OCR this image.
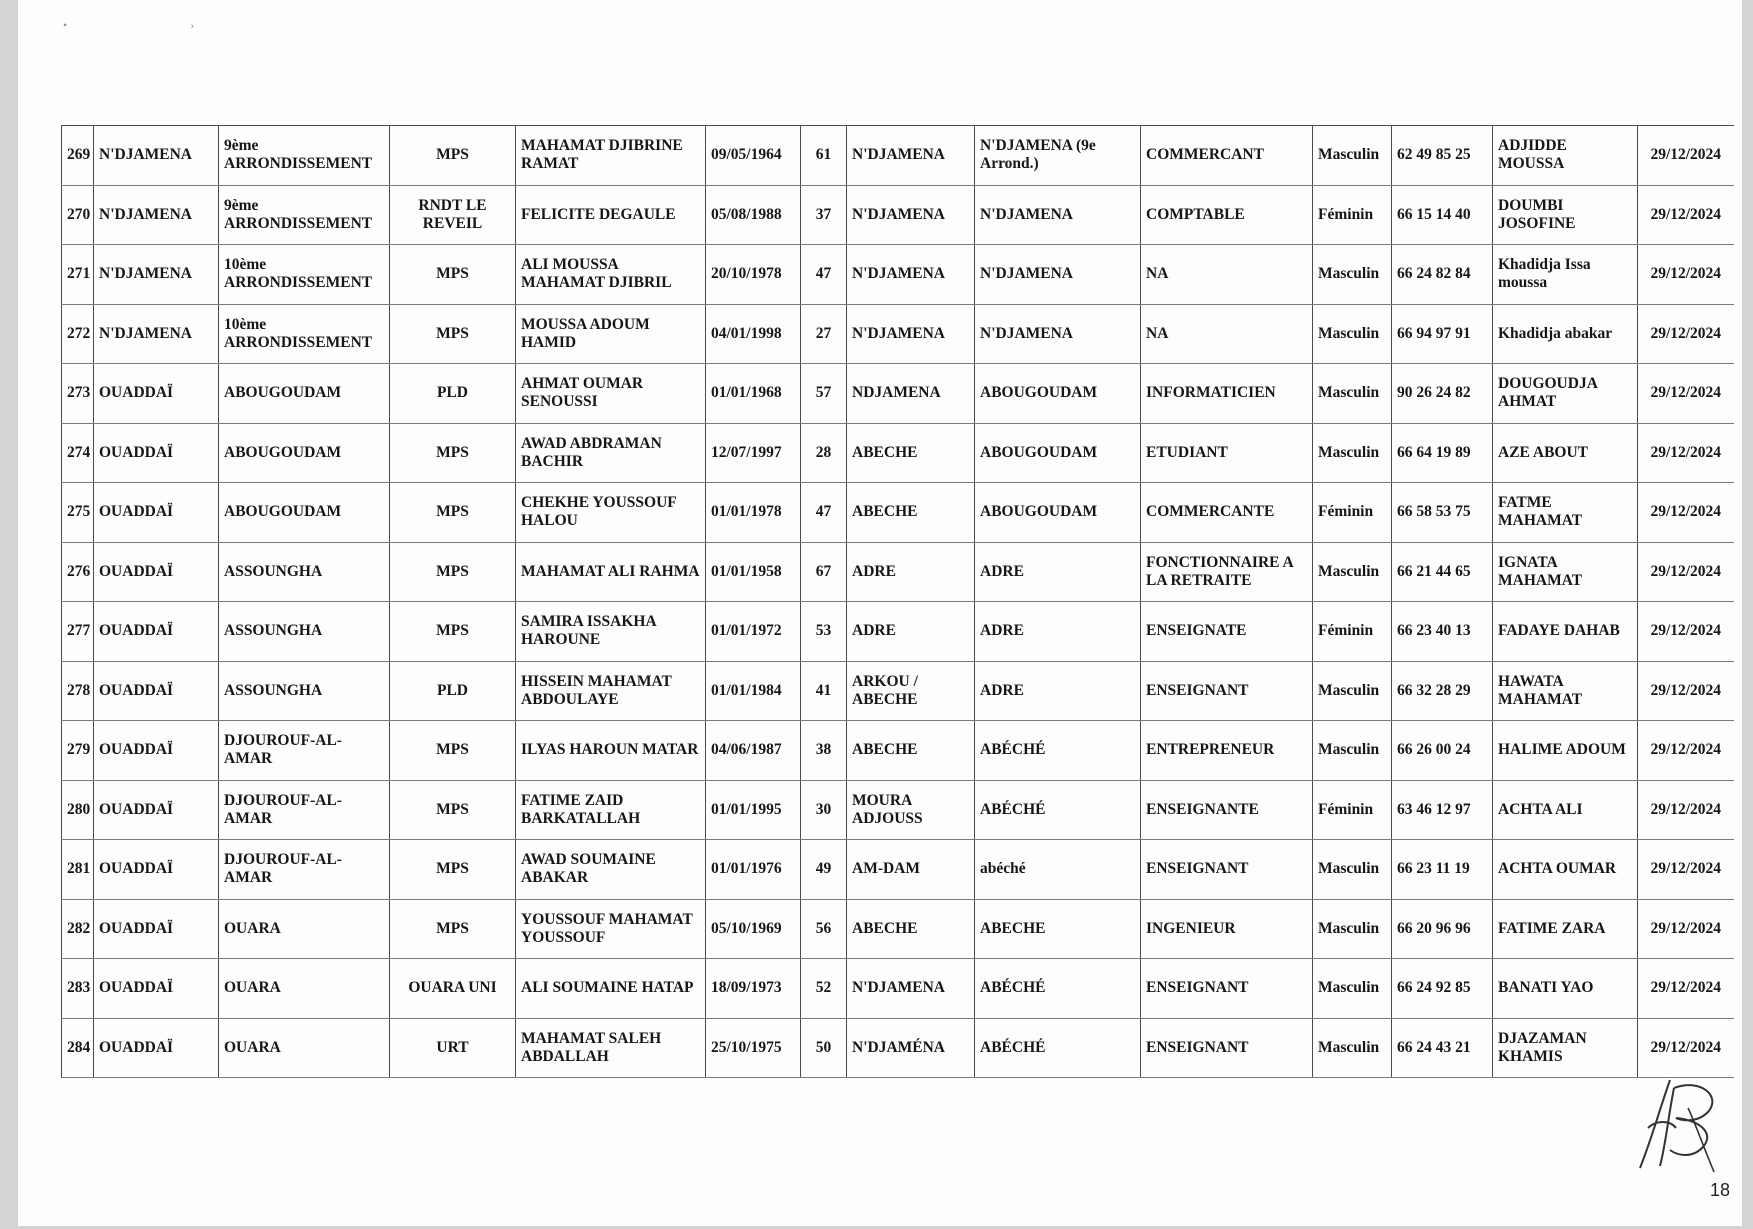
• ›
269	N'DJAMENA	9ème ARRONDISSEMENT	MPS	MAHAMAT DJIBRINE RAMAT	09/05/1964	61	N'DJAMENA	N'DJAMENA (9e Arrond.)	COMMERCANT	Masculin	62 49 85 25	ADJIDDE MOUSSA	29/12/2024
270	N'DJAMENA	9ème ARRONDISSEMENT	RNDT LE REVEIL	FELICITE DEGAULE	05/08/1988	37	N'DJAMENA	N'DJAMENA	COMPTABLE	Féminin	66 15 14 40	DOUMBI JOSOFINE	29/12/2024
271	N'DJAMENA	10ème ARRONDISSEMENT	MPS	ALI MOUSSA MAHAMAT DJIBRIL	20/10/1978	47	N'DJAMENA	N'DJAMENA	NA	Masculin	66 24 82 84	Khadidja Issa moussa	29/12/2024
272	N'DJAMENA	10ème ARRONDISSEMENT	MPS	MOUSSA ADOUM HAMID	04/01/1998	27	N'DJAMENA	N'DJAMENA	NA	Masculin	66 94 97 91	Khadidja abakar	29/12/2024
273	OUADDAÏ	ABOUGOUDAM	PLD	AHMAT OUMAR SENOUSSI	01/01/1968	57	NDJAMENA	ABOUGOUDAM	INFORMATICIEN	Masculin	90 26 24 82	DOUGOUDJA AHMAT	29/12/2024
274	OUADDAÏ	ABOUGOUDAM	MPS	AWAD ABDRAMAN BACHIR	12/07/1997	28	ABECHE	ABOUGOUDAM	ETUDIANT	Masculin	66 64 19 89	AZE ABOUT	29/12/2024
275	OUADDAÏ	ABOUGOUDAM	MPS	CHEKHE YOUSSOUF HALOU	01/01/1978	47	ABECHE	ABOUGOUDAM	COMMERCANTE	Féminin	66 58 53 75	FATME MAHAMAT	29/12/2024
276	OUADDAÏ	ASSOUNGHA	MPS	MAHAMAT ALI RAHMA	01/01/1958	67	ADRE	ADRE	FONCTIONNAIRE A LA RETRAITE	Masculin	66 21 44 65	IGNATA MAHAMAT	29/12/2024
277	OUADDAÏ	ASSOUNGHA	MPS	SAMIRA ISSAKHA HAROUNE	01/01/1972	53	ADRE	ADRE	ENSEIGNATE	Féminin	66 23 40 13	FADAYE DAHAB	29/12/2024
278	OUADDAÏ	ASSOUNGHA	PLD	HISSEIN MAHAMAT ABDOULAYE	01/01/1984	41	ARKOU / ABECHE	ADRE	ENSEIGNANT	Masculin	66 32 28 29	HAWATA MAHAMAT	29/12/2024
279	OUADDAÏ	DJOUROUF-AL-AMAR	MPS	ILYAS HAROUN MATAR	04/06/1987	38	ABECHE	ABÉCHÉ	ENTREPRENEUR	Masculin	66 26 00 24	HALIME ADOUM	29/12/2024
280	OUADDAÏ	DJOUROUF-AL-AMAR	MPS	FATIME ZAID BARKATALLAH	01/01/1995	30	MOURA ADJOUSS	ABÉCHÉ	ENSEIGNANTE	Féminin	63 46 12 97	ACHTA ALI	29/12/2024
281	OUADDAÏ	DJOUROUF-AL-AMAR	MPS	AWAD SOUMAINE ABAKAR	01/01/1976	49	AM-DAM	abéché	ENSEIGNANT	Masculin	66 23 11 19	ACHTA OUMAR	29/12/2024
282	OUADDAÏ	OUARA	MPS	YOUSSOUF MAHAMAT YOUSSOUF	05/10/1969	56	ABECHE	ABECHE	INGENIEUR	Masculin	66 20 96 96	FATIME ZARA	29/12/2024
283	OUADDAÏ	OUARA	OUARA UNI	ALI SOUMAINE HATAP	18/09/1973	52	N'DJAMENA	ABÉCHÉ	ENSEIGNANT	Masculin	66 24 92 85	BANATI YAO	29/12/2024
284	OUADDAÏ	OUARA	URT	MAHAMAT SALEH ABDALLAH	25/10/1975	50	N'DJAMÉNA	ABÉCHÉ	ENSEIGNANT	Masculin	66 24 43 21	DJAZAMAN KHAMIS	29/12/2024
18
